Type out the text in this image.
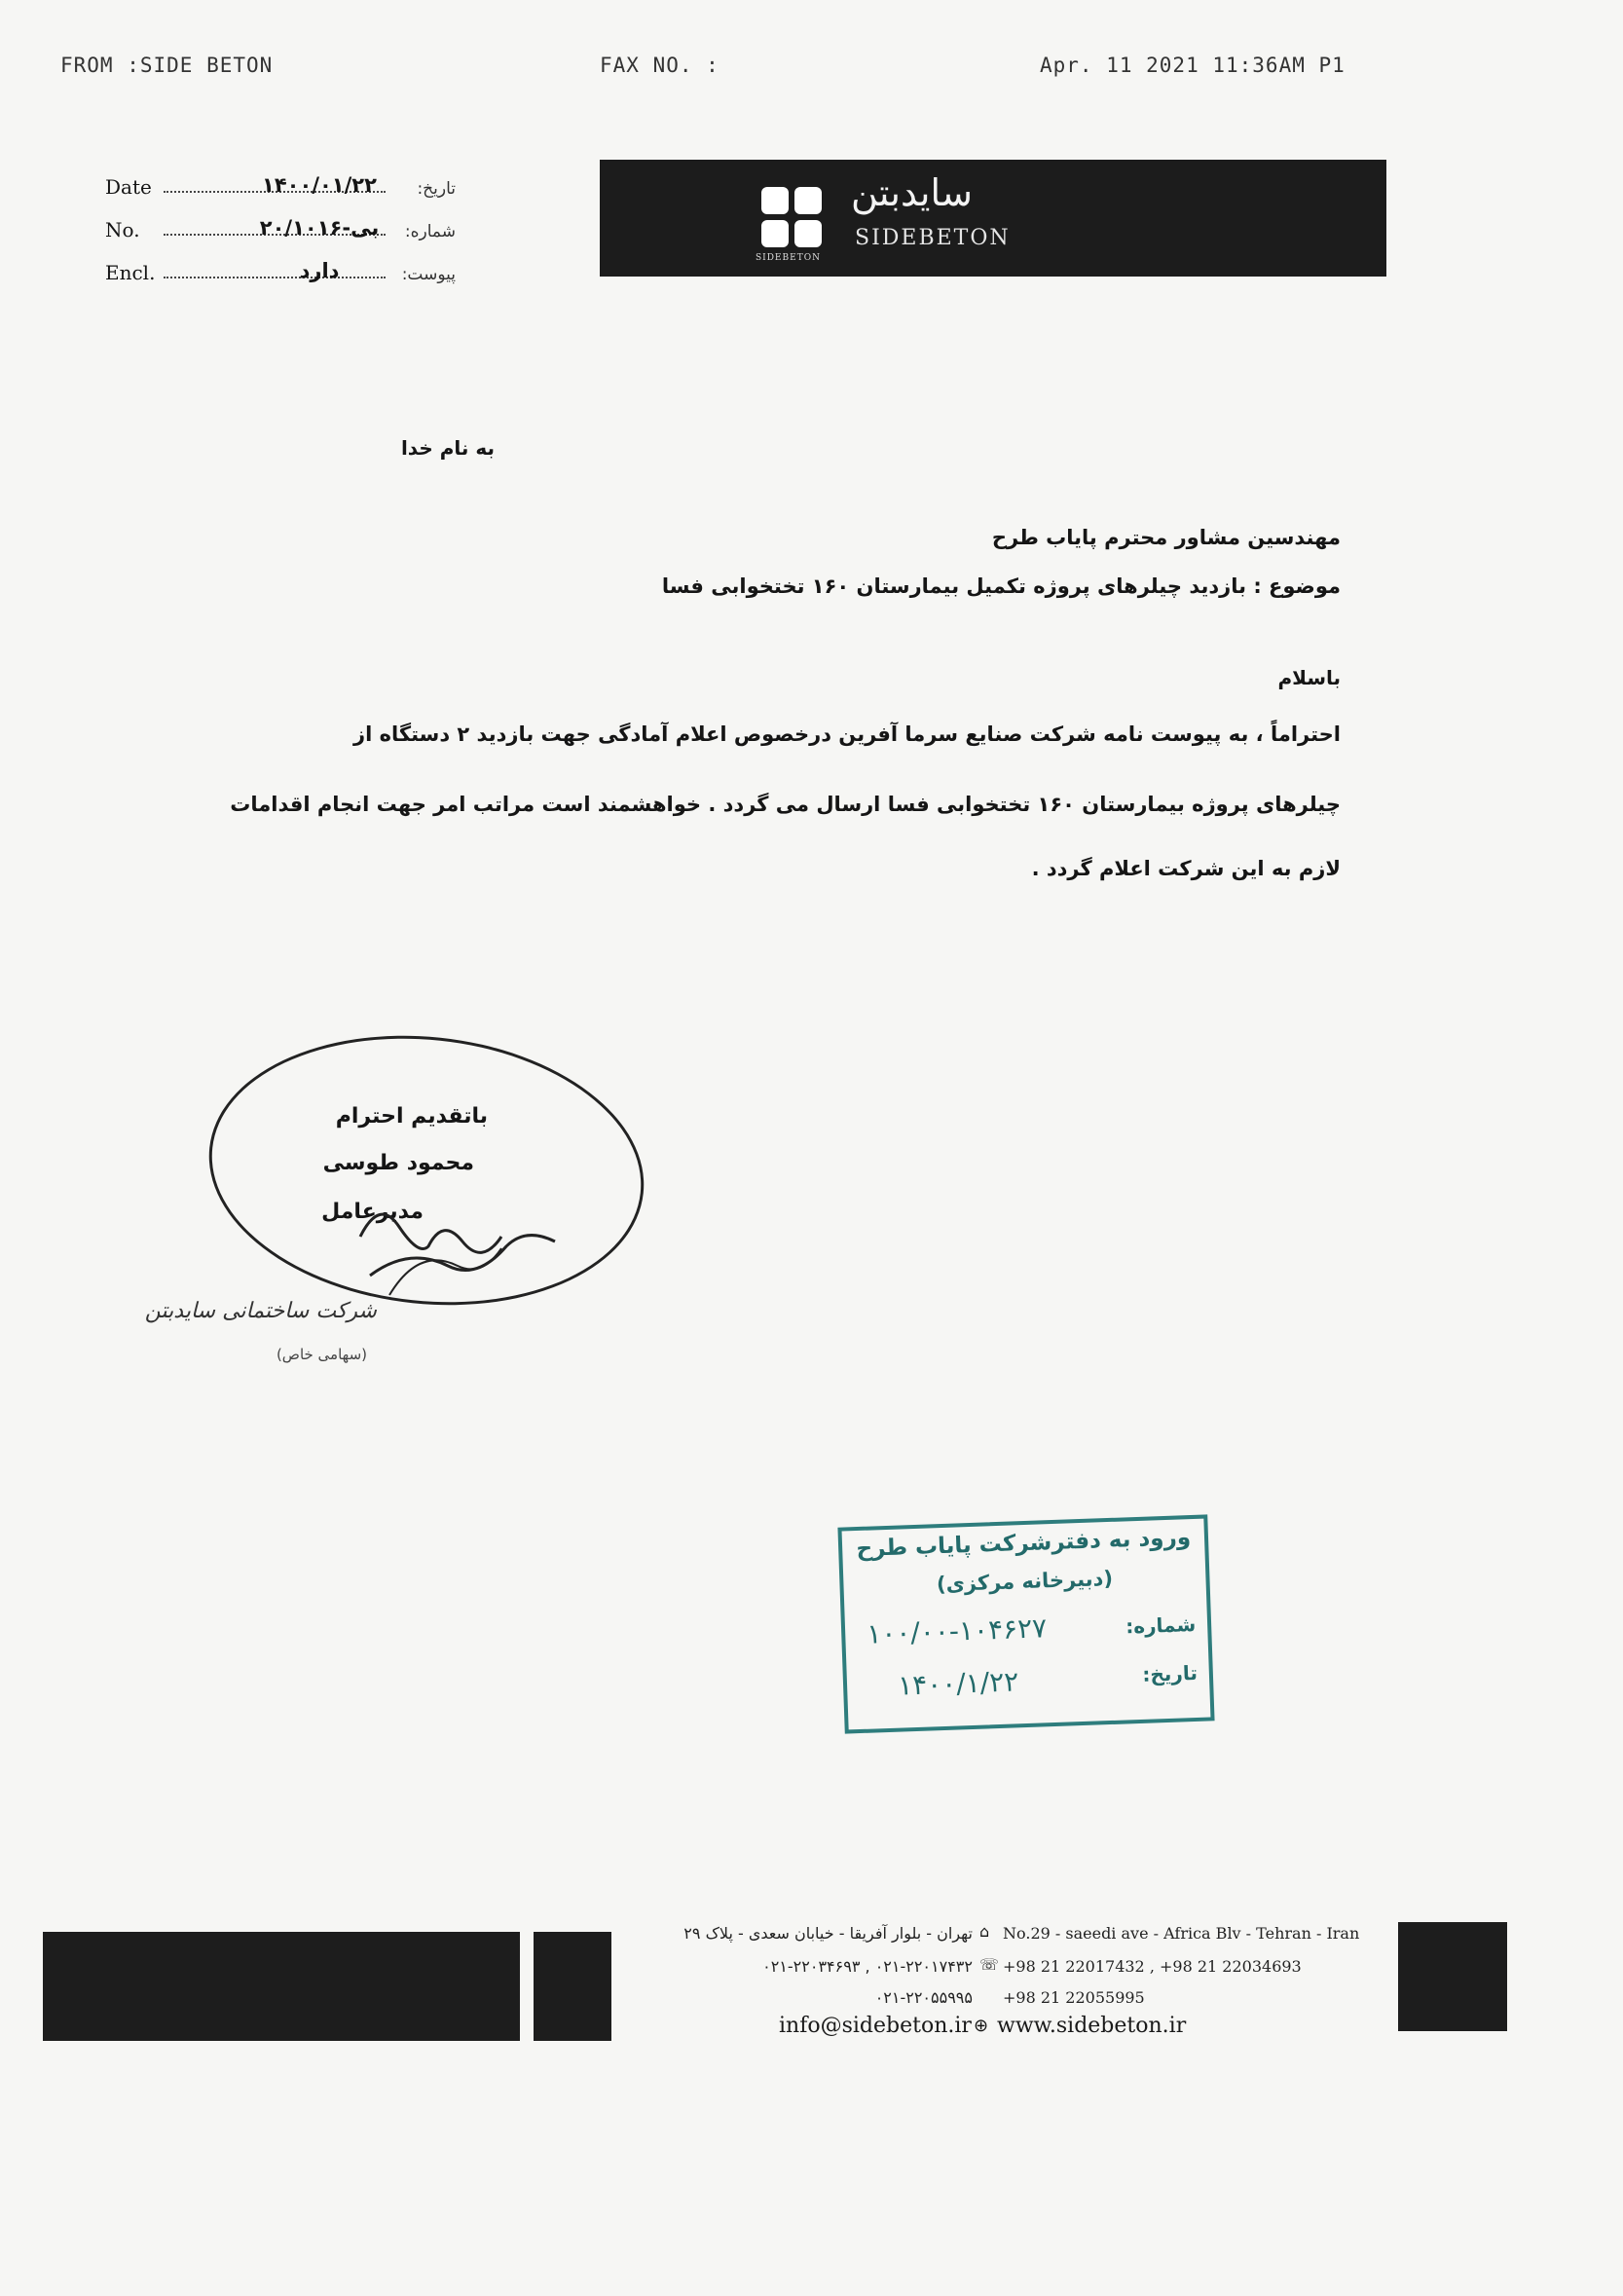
FROM :SIDE BETON	FAX NO. :	Apr. 11 2021 11:36AM P1
Date	۱۴۰۰/۰۱/۲۲	تاریخ:
No.	۲۰/۱۰۱۶-بی	شماره:
Encl.	دارد	پیوست:
SIDEBETON
سایدبتن
SIDEBETON
به نام خدا
مهندسین مشاور محترم پایاب طرح
موضوع : بازدید چیلرهای پروژه تکمیل بیمارستان ۱۶۰ تختخوابی فسا
باسلام
احتراماً ، به پیوست نامه شرکت صنایع سرما آفرین درخصوص اعلام آمادگی جهت بازدید ۲ دستگاه از
چیلرهای پروژه بیمارستان ۱۶۰ تختخوابی فسا ارسال می گردد . خواهشمند است مراتب امر جهت انجام اقدامات
لازم به این شرکت اعلام گردد .
باتقدیم احترام
محمود طوسی
مدیرعامل
شرکت ساختمانی سایدبتن
(سهامی خاص)
ورود به دفترشرکت پایاب طرح
(دبیرخانه مرکزی)
شماره:
۱۰۰/۰۰-۱۰۴۶۲۷
تاریخ:
۱۴۰۰/۱/۲۲
تهران - بلوار آفریقا - خیابان سعدی - پلاک ۲۹ ⌂ No.29 - saeedi ave - Africa Blv - Tehran - Iran
۰۲۱-۲۲۰۱۷۴۳۲ , ۰۲۱-۲۲۰۳۴۶۹۳ ☏ +98 21 22017432 , +98 21 22034693
۰۲۱-۲۲۰۵۵۹۹۵ +98 21 22055995
info@sidebeton.ir ⊕ www.sidebeton.ir
